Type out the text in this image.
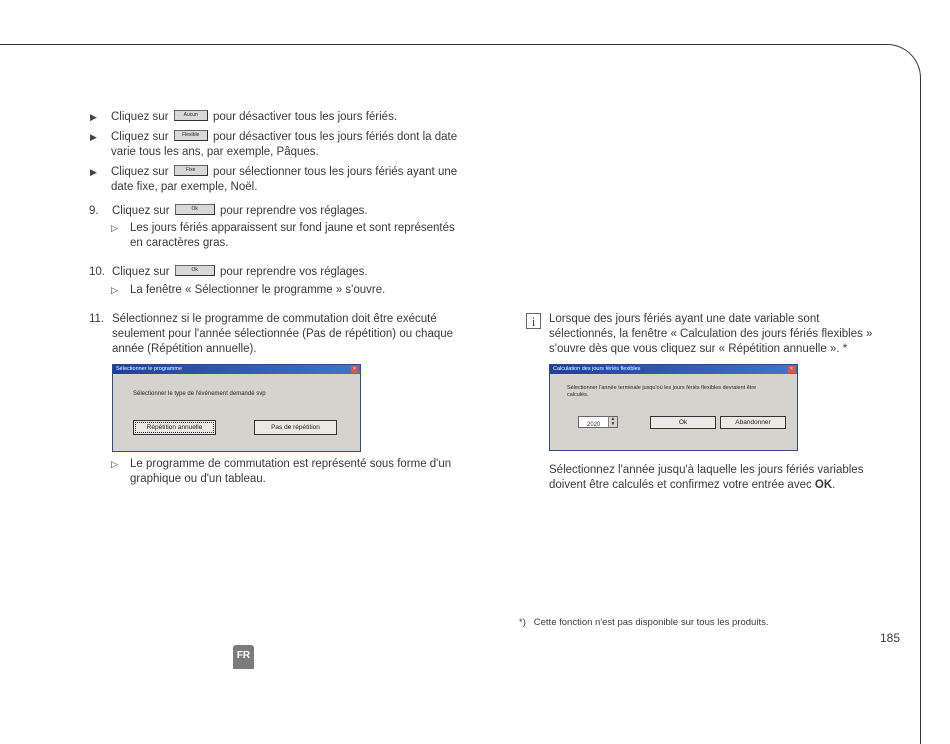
▶ Cliquez sur	Aucun pour désactiver tous les jours fériés.
▶ Cliquez sur	Flexible pour désactiver tous les jours fériés dont la date varie tous les ans, par exemple, Pâques.
▶ Cliquez sur	Fixe pour sélectionner tous les jours fériés ayant une date fixe, par exemple, Noël.
9. Cliquez sur	Ok pour reprendre vos réglages.
▷ Les jours fériés apparaissent sur fond jaune et sont représentés en caractères gras.
10. Cliquez sur	Ok pour reprendre vos réglages.
▷ La fenêtre « Sélectionner le programme » s'ouvre.
11. Sélectionnez si le programme de commutation doit être exécuté seulement pour l'année sélectionnée (Pas de répétition) ou chaque année (Répétition annuelle).
Sélectionner le programme	×
Sélectionner le type de l'événement demandé svp
Répétition annuelle	Pas de répétition
▷ Le programme de commutation est représenté sous forme d'un graphique ou d'un tableau.
i	Lorsque des jours fériés ayant une date variable sont sélectionnés, la fenêtre « Calculation des jours fériés flexibles » s'ouvre dès que vous cliquez sur « Répétition annuelle ». *
Calculation des jours fériés flexibles	×
Sélectionner l'année terminale jusqu'où les jours fériés flexibles devraient être calculés.
2020
▲
▼	Ok	Abandonner
Sélectionnez l'année jusqu'à laquelle les jours fériés variables doivent être calculés et confirmez votre entrée avec OK.
*)   Cette fonction n'est pas disponible sur tous les produits.
185
FR
